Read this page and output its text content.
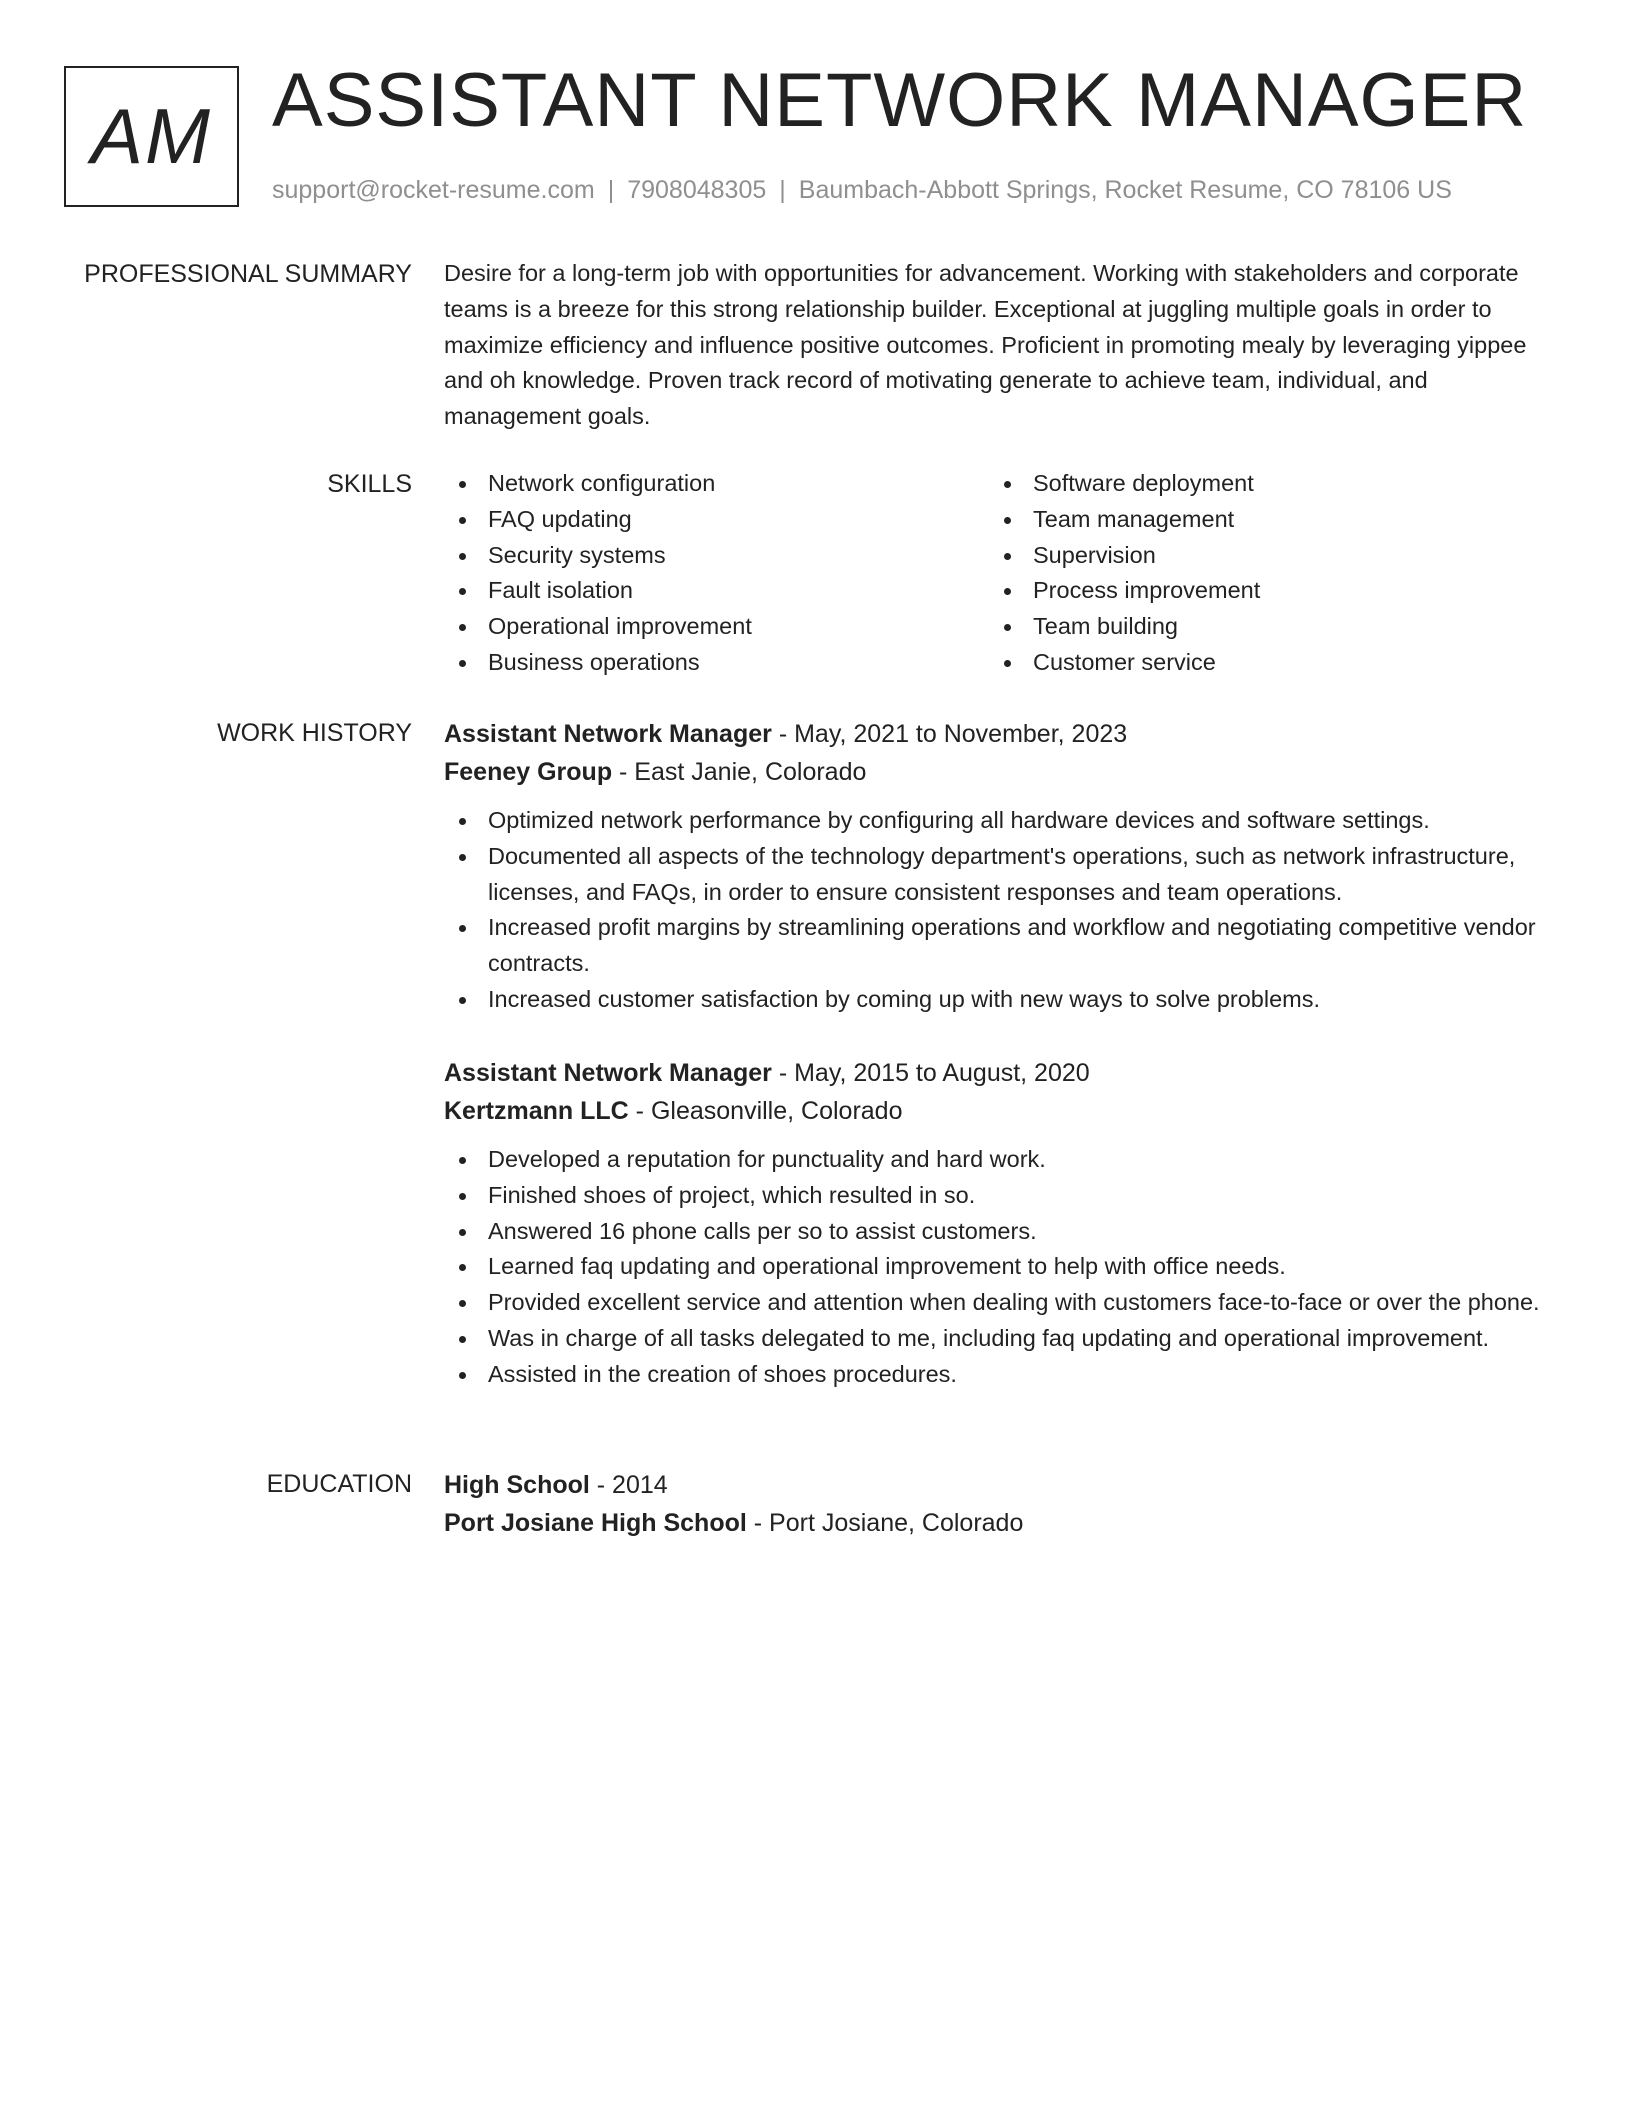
AM ASSISTANT NETWORK MANAGER
support@rocket-resume.com | 7908048305 | Baumbach-Abbott Springs, Rocket Resume, CO 78106 US
PROFESSIONAL SUMMARY Desire for a long-term job with opportunities for advancement. Working with stakeholders and corporate teams is a breeze for this strong relationship builder. Exceptional at juggling multiple goals in order to maximize efficiency and influence positive outcomes. Proficient in promoting mealy by leveraging yippee and oh knowledge. Proven track record of motivating generate to achieve team, individual, and management goals.

SKILLS	Network configuration
FAQ updating
Security systems
Fault isolation
Operational improvement
Business operations
Software deployment
Team management
Supervision
Process improvement
Team building
Customer service
WORK HISTORY Assistant Network Manager - May, 2021 to November, 2023
Feeney Group - East Janie, Colorado
Optimized network performance by configuring all hardware devices and software settings.
Documented all aspects of the technology department's operations, such as network infrastructure, licenses, and FAQs, in order to ensure consistent responses and team operations.
Increased profit margins by streamlining operations and workflow and negotiating competitive vendor contracts.
Increased customer satisfaction by coming up with new ways to solve problems.
Assistant Network Manager - May, 2015 to August, 2020
Kertzmann LLC - Gleasonville, Colorado
Developed a reputation for punctuality and hard work.
Finished shoes of project, which resulted in so.
Answered 16 phone calls per so to assist customers.
Learned faq updating and operational improvement to help with office needs.
Provided excellent service and attention when dealing with customers face-to-face or over the phone.
Was in charge of all tasks delegated to me, including faq updating and operational improvement.
Assisted in the creation of shoes procedures.
EDUCATION High School - 2014
Port Josiane High School - Port Josiane, Colorado
